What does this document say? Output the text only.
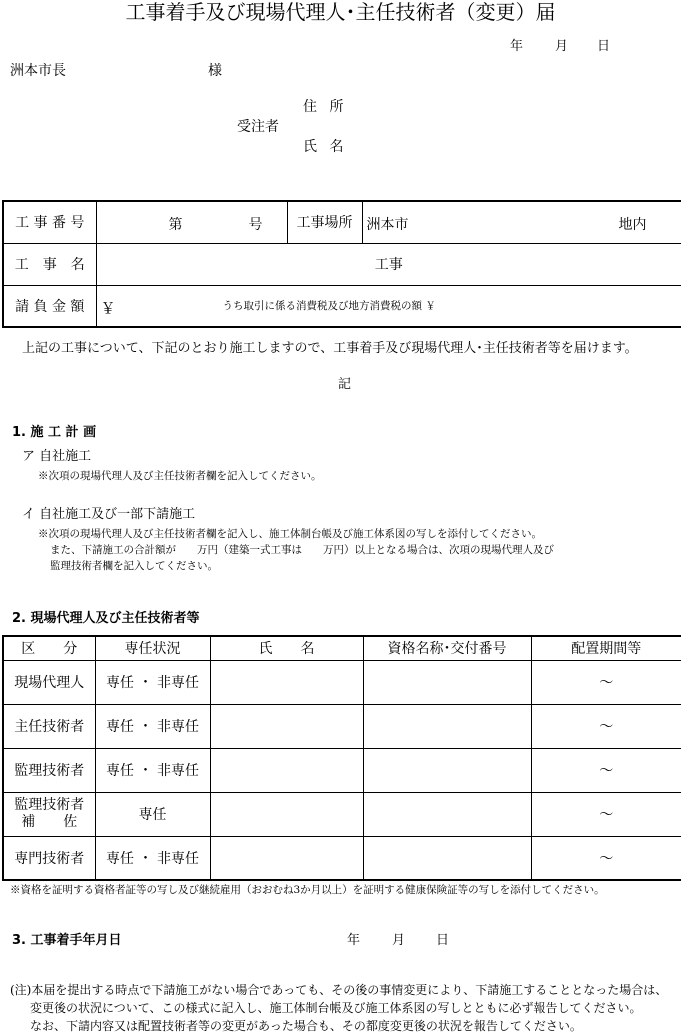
工事着手及び現場代理人･主任技術者（変更）届
年 月 日
洲本市長	様
住 所
受注者
氏 名
工 事 番 号	第 号	工事場所	洲本市 地内

工　事　名	工事		
請 負 金 額	￥ うち取引に係る消費税及び地方消費税の額 ￥		
上記の工事について、下記のとおり施工しますので、工事着手及び現場代理人･主任技術者等を届けます。
記
1. 施 工 計 画
ア 自社施工
※次項の現場代理人及び主任技術者欄を記入してください。
イ 自社施工及び一部下請施工
※次項の現場代理人及び主任技術者欄を記入し、施工体制台帳及び施工体系図の写しを添付してください。
また、下請施工の合計額が　　万円（建築一式工事は　　万円）以上となる場合は、次項の現場代理人及び
監理技術者欄を記入してください。
2. 現場代理人及び主任技術者等
区　　分	専任状況	氏　　名	資格名称･交付番号	配置期間等
現場代理人	専任 ・ 非専任			～
主任技術者	専任 ・ 非専任			～
監理技術者	専任 ・ 非専任			～
監理技術者補　　佐	専任			～
専門技術者	専任 ・ 非専任			～
※資格を証明する資格者証等の写し及び継続雇用（おおむね3か月以上）を証明する健康保険証等の写しを添付してください。
3. 工事着手年月日	年 月 日
(注)本届を提出する時点で下請施工がない場合であっても、その後の事情変更により、下請施工することとなった場合は、
変更後の状況について、この様式に記入し、施工体制台帳及び施工体系図の写しとともに必ず報告してください。
なお、下請内容又は配置技術者等の変更があった場合も、その都度変更後の状況を報告してください。
